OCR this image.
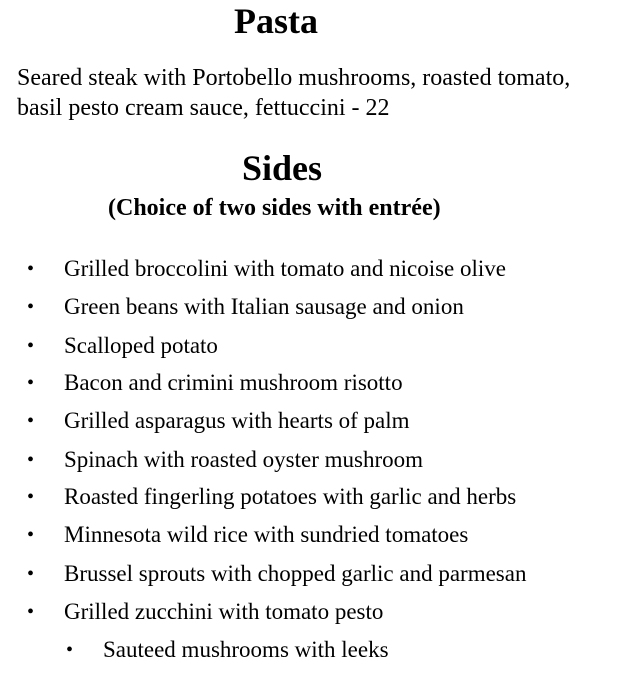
Pasta
Seared steak with Portobello mushrooms, roasted tomato, basil pesto cream sauce, fettuccini - 22
Sides
(Choice of two sides with entrée)
• Grilled broccolini with tomato and nicoise olive
• Green beans with Italian sausage and onion
• Scalloped potato
• Bacon and crimini mushroom risotto
• Grilled asparagus with hearts of palm
• Spinach with roasted oyster mushroom
• Roasted fingerling potatoes with garlic and herbs
• Minnesota wild rice with sundried tomatoes
• Brussel sprouts with chopped garlic and parmesan
• Grilled zucchini with tomato pesto
• Sauteed mushrooms with leeks
